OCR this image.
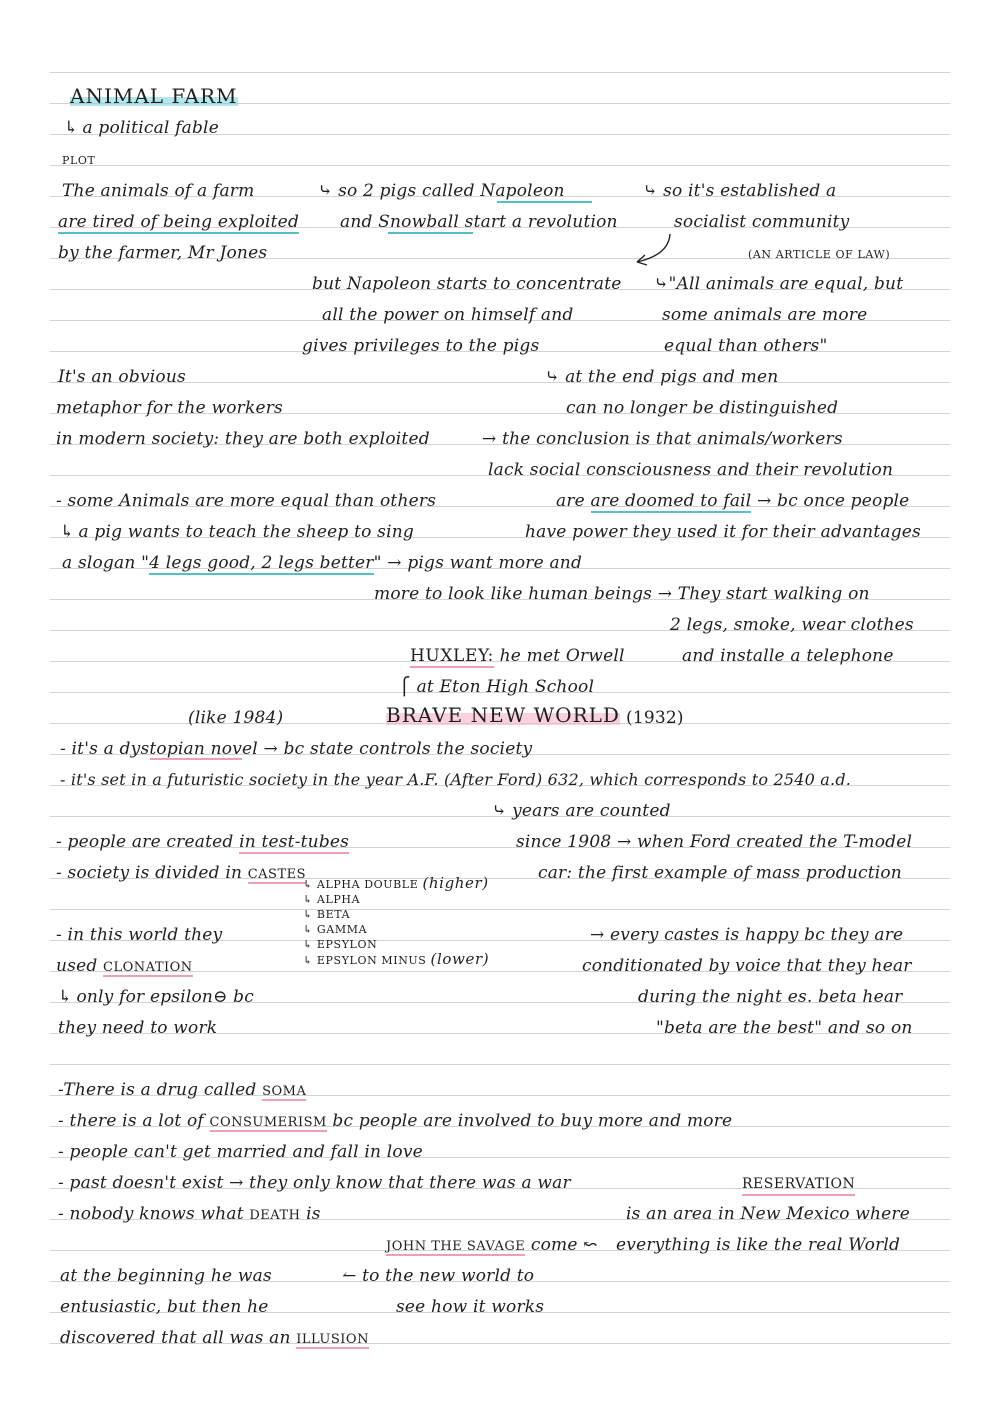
ANIMAL FARM
↳ a political fable
PLOT
The animals of a farm
are tired of being exploited
by the farmer, Mr Jones
⤷ so 2 pigs called Napoleon
and Snowball start a revolution
⤷ so it's established a
socialist community
(AN ARTICLE OF LAW)
but Napoleon starts to concentrate
all the power on himself and
gives privileges to the pigs
⤷"All animals are equal, but
some animals are more
equal than others"
It's an obvious
metaphor for the workers
in modern society: they are both exploited
⤷ at the end pigs and men
can no longer be distinguished
→ the conclusion is that animals/workers
lack social consciousness and their revolution
are are doomed to fail → bc once people
have power they used it for their advantages
- some Animals are more equal than others
↳ a pig wants to teach the sheep to sing
a slogan "4 legs good, 2 legs better" → pigs want more and
more to look like human beings → They start walking on
2 legs, smoke, wear clothes
and installe a telephone
HUXLEY: he met Orwell
⎧ at Eton High School
(like 1984)	BRAVE NEW WORLD (1932)
- it's a dystopian novel → bc state controls the society
- it's set in a futuristic society in the year A.F. (After Ford) 632, which corresponds to 2540 a.d.
⤷ years are counted
since 1908 → when Ford created the T-model
car: the first example of mass production
- people are created in test-tubes
- society is divided in CASTES
↳ ALPHA DOUBLE (higher)
↳ ALPHA
↳ BETA
↳ GAMMA
↳ EPSYLON
↳ EPSYLON MINUS (lower)
- in this world they
used CLONATION
↳ only for epsilon⊖ bc
they need to work
→ every castes is happy bc they are
conditionated by voice that they hear
during the night es. beta hear
"beta are the best" and so on
-There is a drug called SOMA
- there is a lot of CONSUMERISM bc people are involved to buy more and more
- people can't get married and fall in love
- past doesn't exist → they only know that there was a war
- nobody knows what DEATH is
RESERVATION
is an area in New Mexico where
everything is like the real World
JOHN THE SAVAGE come ↜
↼ to the new world to
see how it works
at the beginning he was
entusiastic, but then he
discovered that all was an ILLUSION
